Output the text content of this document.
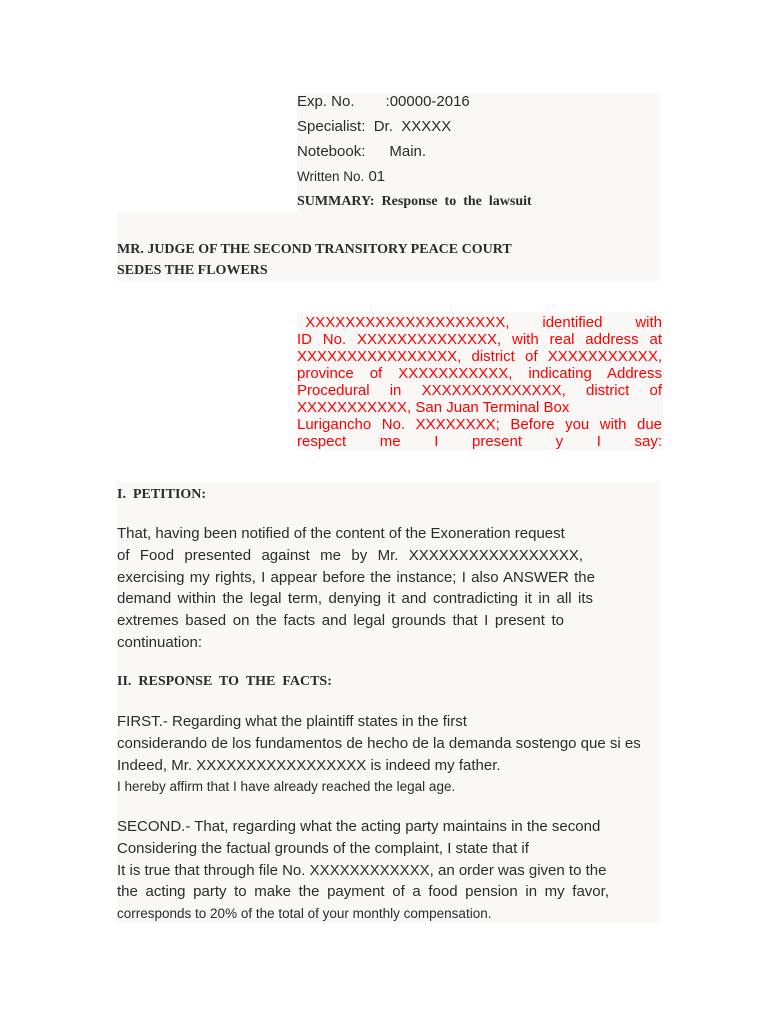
Exp. No. :00000-2016
Specialist: Dr.  XXXXX
Notebook: Main.
Written No. 01
SUMMARY: Response  to  the  lawsuit
MR. JUDGE OF THE SECOND TRANSITORY PEACE COURT
SEDES THE FLOWERS
XXXXXXXXXXXXXXXXXXXX,    identified    with
ID No. XXXXXXXXXXXXXX, with real address at
XXXXXXXXXXXXXXXX, district of XXXXXXXXXXX,
province  of  XXXXXXXXXXX,  indicating  Address
Procedural  in  XXXXXXXXXXXXXX,  district  of
XXXXXXXXXXX, San Juan Terminal Box
Lurigancho No. XXXXXXXX; Before you with due
respect me I present y I say:
I.  PETITION:
That, having been notified of the content of the Exoneration request
of Food presented against me by Mr. XXXXXXXXXXXXXXXXX,
exercising my rights, I appear before the instance; I also ANSWER the
demand within the legal term, denying it and contradicting it in all its
extremes based on the facts and legal grounds that I present to
continuation:
II.  RESPONSE  TO  THE  FACTS:
FIRST.- Regarding what the plaintiff states in the first
considerando de los fundamentos de hecho de la demanda sostengo que si es
Indeed, Mr. XXXXXXXXXXXXXXXXX is indeed my father.
I hereby affirm that I have already reached the legal age.
SECOND.- That, regarding what the acting party maintains in the second
Considering the factual grounds of the complaint, I state that if
It is true that through file No. XXXXXXXXXXXX, an order was given to the
the acting party to make the payment of a food pension in my favor,
corresponds to 20% of the total of your monthly compensation.
